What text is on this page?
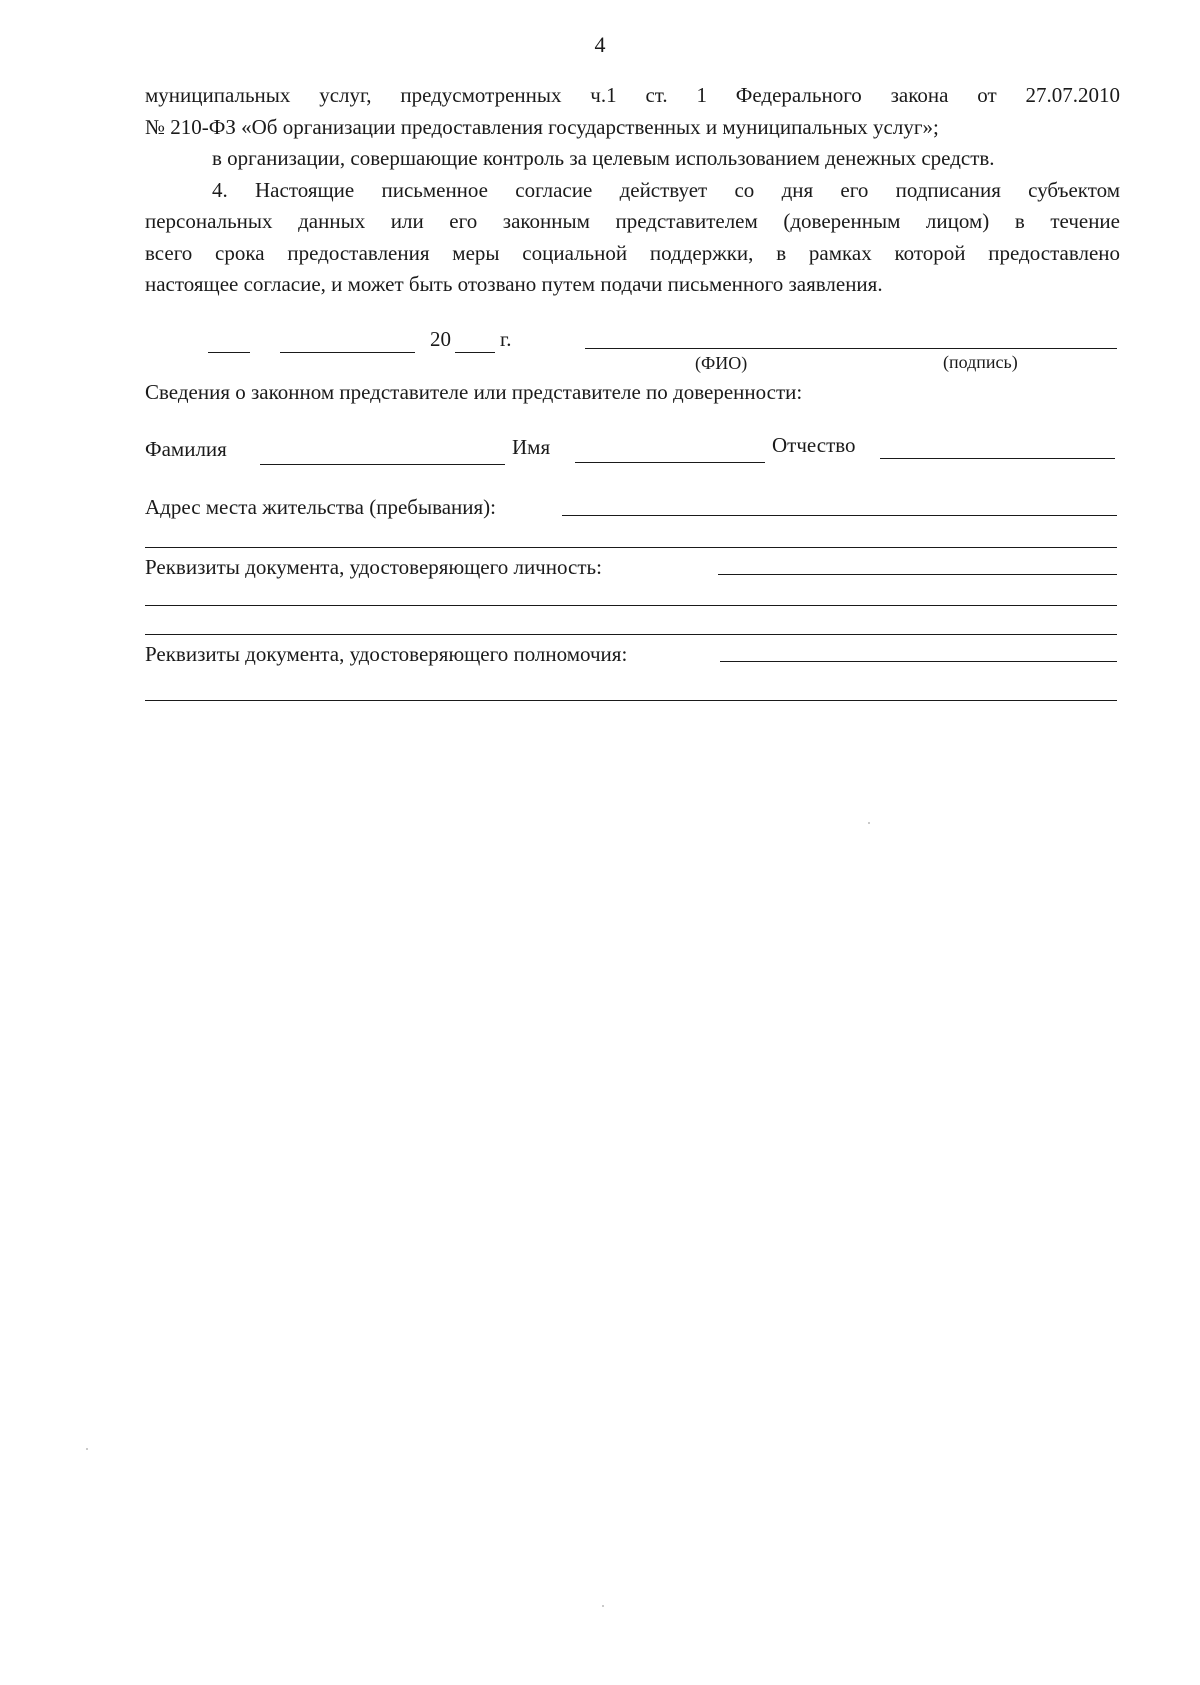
4

муниципальных услуг, предусмотренных ч.1 ст. 1 Федерального закона от 27.07.2010

№ 210-ФЗ «Об организации предоставления государственных и муниципальных услуг»;

в организации, совершающие контроль за целевым использованием денежных средств.

4. Настоящие письменное согласие действует со дня его подписания субъектом

персональных данных или его законным представителем (доверенным лицом) в течение

всего срока предоставления меры социальной поддержки, в рамках которой предоставлено

настоящее согласие, и может быть отозвано путем подачи письменного заявления.

20 г.
(ФИО)	(подпись)
Сведения о законном представителе или представителе по доверенности:
Фамилия	Имя	Отчество
Адрес места жительства (пребывания):
Реквизиты документа, удостоверяющего личность:
Реквизиты документа, удостоверяющего полномочия:
